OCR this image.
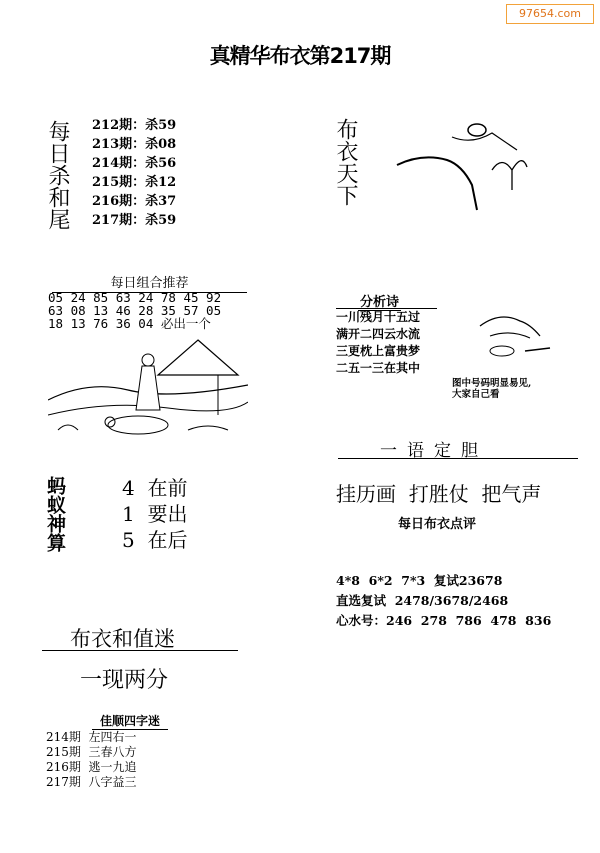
97654.com
真精华布衣第217期
每日杀和尾 212期：杀59
213期：杀08
214期：杀56
215期：杀12
216期：杀37
217期：杀59
每日组合推荐
05 24 85 63 24 78 45 92
63 08 13 46 28 35 57 05
18 13 76 36 04 必出一个
蚂蚁神算	4  在前
1  要出
5  在后
布衣和值迷
一现两分
佳顺四字迷
214期  左四右一
215期  三春八方
216期  逃一九追
217期  八字益三
布衣天下
分析诗
一川残月十五过
满开二四云水流
三更枕上富贵梦
二五一三在其中
图中号码明显易见,
大家自己看
一语定胆
挂历画  打胜仗  把气声
每日布衣点评
4*8  6*2  7*3  复试23678
直选复试  2478/3678/2468
心水号：246  278  786  478  836
